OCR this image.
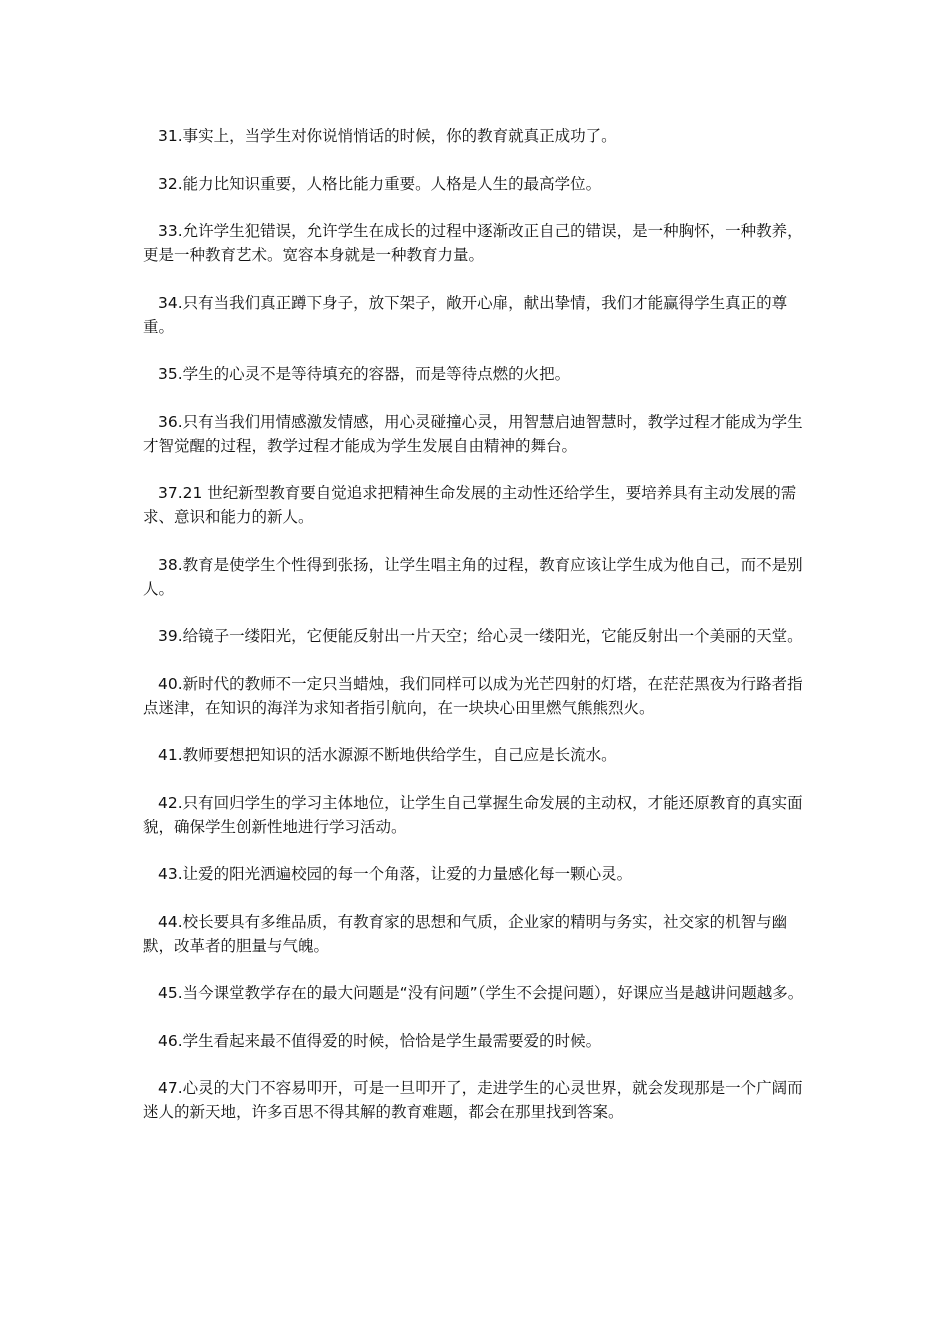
31.事实上，当学生对你说悄悄话的时候，你的教育就真正成功了。

32.能力比知识重要，人格比能力重要。人格是人生的最高学位。

33.允许学生犯错误，允许学生在成长的过程中逐渐改正自己的错误，是一种胸怀，一种教养，更是一种教育艺术。宽容本身就是一种教育力量。

34.只有当我们真正蹲下身子，放下架子，敞开心扉，献出挚情，我们才能赢得学生真正的尊重。

35.学生的心灵不是等待填充的容器，而是等待点燃的火把。

36.只有当我们用情感激发情感，用心灵碰撞心灵，用智慧启迪智慧时，教学过程才能成为学生才智觉醒的过程，教学过程才能成为学生发展自由精神的舞台。

37.21 世纪新型教育要自觉追求把精神生命发展的主动性还给学生，要培养具有主动发展的需求、意识和能力的新人。

38.教育是使学生个性得到张扬，让学生唱主角的过程，教育应该让学生成为他自己，而不是别人。

39.给镜子一缕阳光，它便能反射出一片天空；给心灵一缕阳光，它能反射出一个美丽的天堂。

40.新时代的教师不一定只当蜡烛，我们同样可以成为光芒四射的灯塔，在茫茫黑夜为行路者指点迷津，在知识的海洋为求知者指引航向，在一块块心田里燃气熊熊烈火。

41.教师要想把知识的活水源源不断地供给学生，自己应是长流水。

42.只有回归学生的学习主体地位，让学生自己掌握生命发展的主动权，才能还原教育的真实面貌，确保学生创新性地进行学习活动。

43.让爱的阳光洒遍校园的每一个角落，让爱的力量感化每一颗心灵。

44.校长要具有多维品质，有教育家的思想和气质，企业家的精明与务实，社交家的机智与幽默，改革者的胆量与气魄。

45.当今课堂教学存在的最大问题是“没有问题”（学生不会提问题），好课应当是越讲问题越多。

46.学生看起来最不值得爱的时候，恰恰是学生最需要爱的时候。

47.心灵的大门不容易叩开，可是一旦叩开了，走进学生的心灵世界，就会发现那是一个广阔而迷人的新天地，许多百思不得其解的教育难题，都会在那里找到答案。
